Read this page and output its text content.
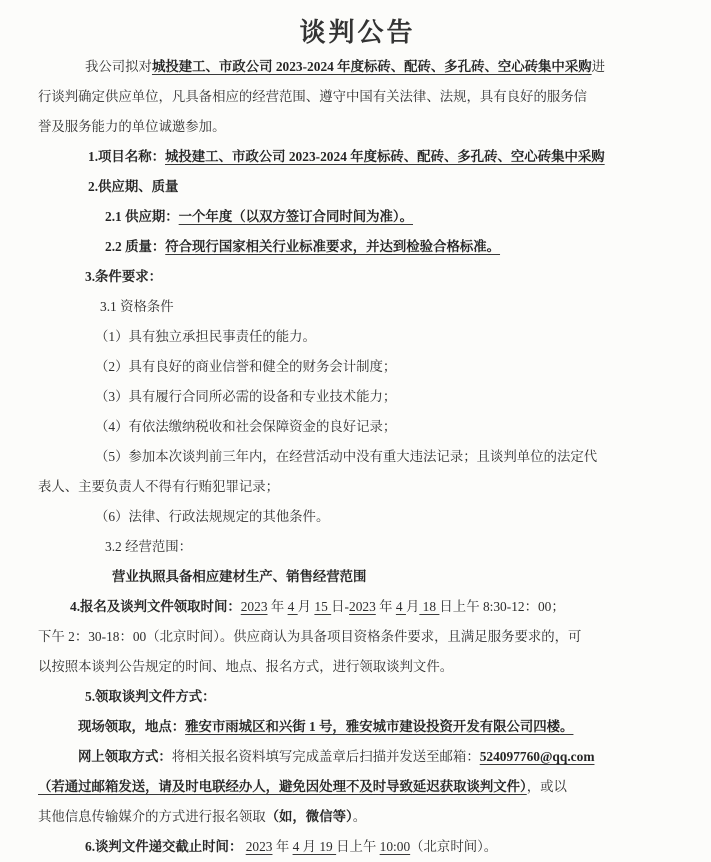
谈判公告

我公司拟对城投建工、市政公司 2023-2024 年度标砖、配砖、多孔砖、空心砖集中采购进
行谈判确定供应单位，凡具备相应的经营范围、遵守中国有关法律、法规，具有良好的服务信
誉及服务能力的单位诚邀参加。

1.项目名称：城投建工、市政公司 2023-2024 年度标砖、配砖、多孔砖、空心砖集中采购

2.供应期、质量

2.1 供应期：一个年度（以双方签订合同时间为准）。

2.2 质量：符合现行国家相关行业标准要求，并达到检验合格标准。

3.条件要求：

3.1 资格条件

（1）具有独立承担民事责任的能力。

（2）具有良好的商业信誉和健全的财务会计制度；

（3）具有履行合同所必需的设备和专业技术能力；

（4）有依法缴纳税收和社会保障资金的良好记录；

（5）参加本次谈判前三年内，在经营活动中没有重大违法记录；且谈判单位的法定代
表人、主要负责人不得有行贿犯罪记录；

（6）法律、行政法规规定的其他条件。

3.2 经营范围：

营业执照具备相应建材生产、销售经营范围

4.报名及谈判文件领取时间：2023 年 4 月 15 日-2023 年 4 月 18 日上午 8:30-12：00；
下午 2：30-18：00（北京时间）。供应商认为具备项目资格条件要求，且满足服务要求的，可
以按照本谈判公告规定的时间、地点、报名方式，进行领取谈判文件。

5.领取谈判文件方式：

现场领取，地点：雅安市雨城区和兴街 1 号，雅安城市建设投资开发有限公司四楼。

网上领取方式：将相关报名资料填写完成盖章后扫描并发送至邮箱：524097760@qq.com
（若通过邮箱发送，请及时电联经办人，避免因处理不及时导致延迟获取谈判文件），或以
其他信息传输媒介的方式进行报名领取（如，微信等）。

6.谈判文件递交截止时间： 2023 年 4 月 19 日上午 10:00（北京时间）。
